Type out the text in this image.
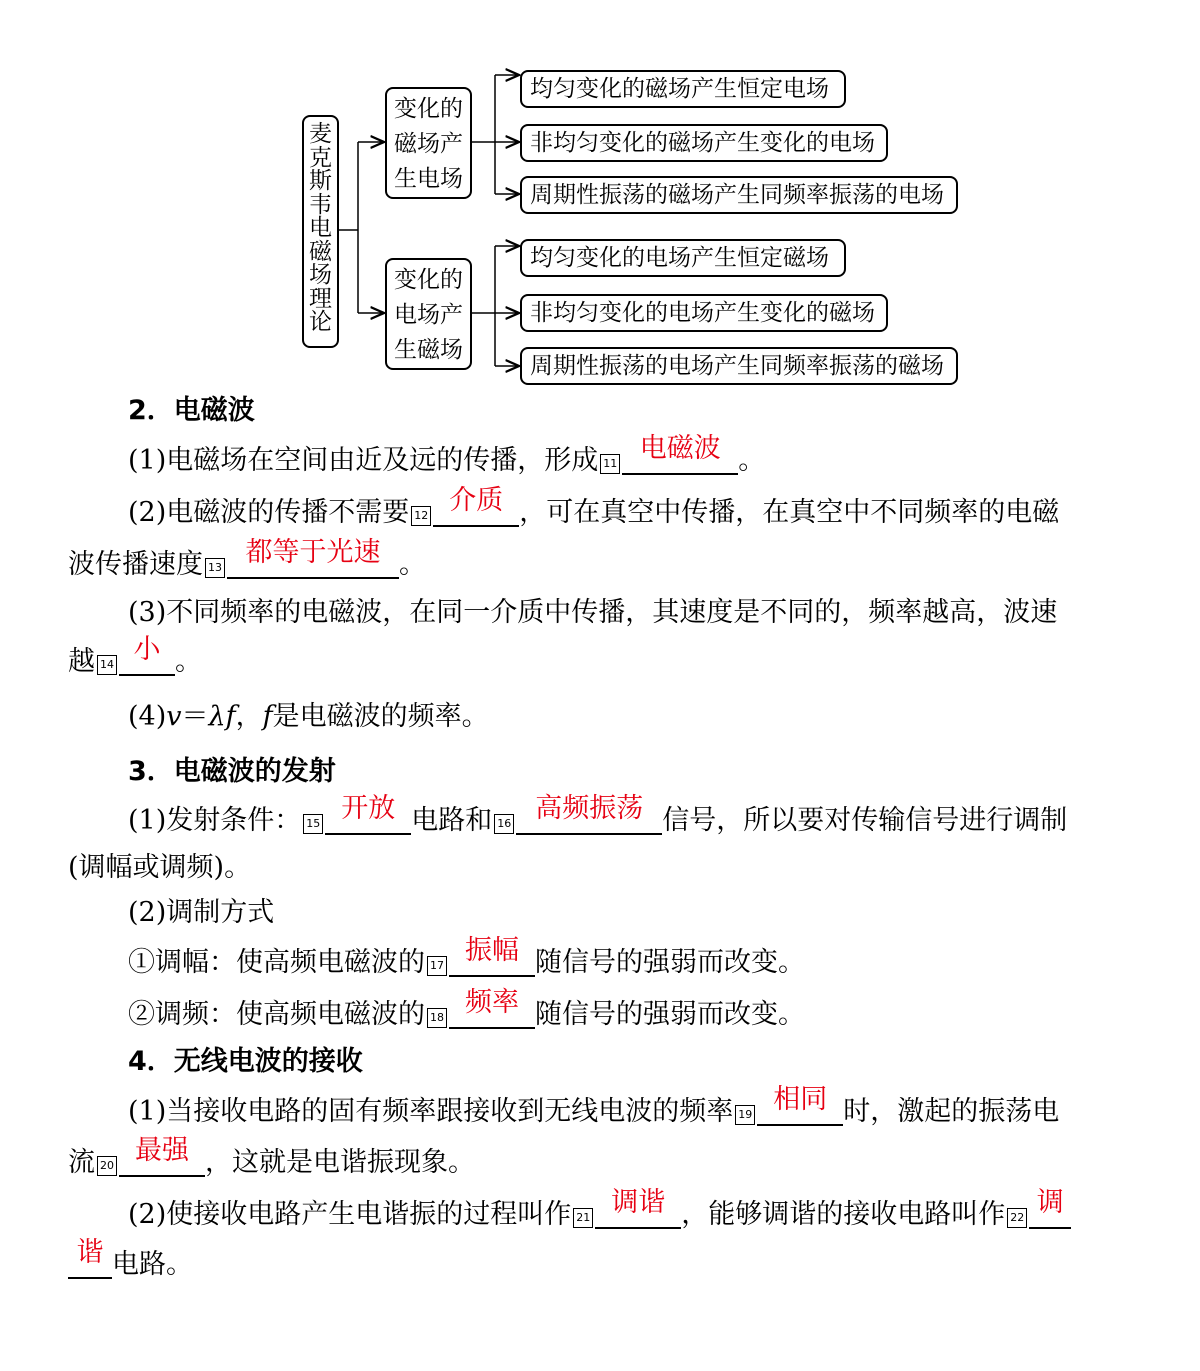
麦克斯韦电磁场理论
变化的
磁场产
生电场
变化的
电场产
生磁场
均匀变化的磁场产生恒定电场
非均匀变化的磁场产生变化的电场
周期性振荡的磁场产生同频率振荡的电场
均匀变化的电场产生恒定磁场
非均匀变化的电场产生变化的磁场
周期性振荡的电场产生同频率振荡的磁场
2．电磁波
(1)电磁场在空间由近及远的传播，形成 11 电磁波 。
(2)电磁波的传播不需要 12 介质 ，可在真空中传播，在真空中不同频率的电磁
波传播速度 13 都等于光速 。
(3)不同频率的电磁波，在同一介质中传播，其速度是不同的，频率越高，波速
越 14 小 。
(4)v＝λf，f是电磁波的频率。
3．电磁波的发射
(1)发射条件： 15 开放 电路和 16 高频振荡 信号，所以要对传输信号进行调制
(调幅或调频)。
(2)调制方式
①调幅：使高频电磁波的 17 振幅 随信号的强弱而改变。
②调频：使高频电磁波的 18 频率 随信号的强弱而改变。
4．无线电波的接收
(1)当接收电路的固有频率跟接收到无线电波的频率 19 相同 时，激起的振荡电
流 20 最强 ，这就是电谐振现象。
(2)使接收电路产生电谐振的过程叫作 21 调谐 ，能够调谐的接收电路叫作 22 调
谐 电路。
